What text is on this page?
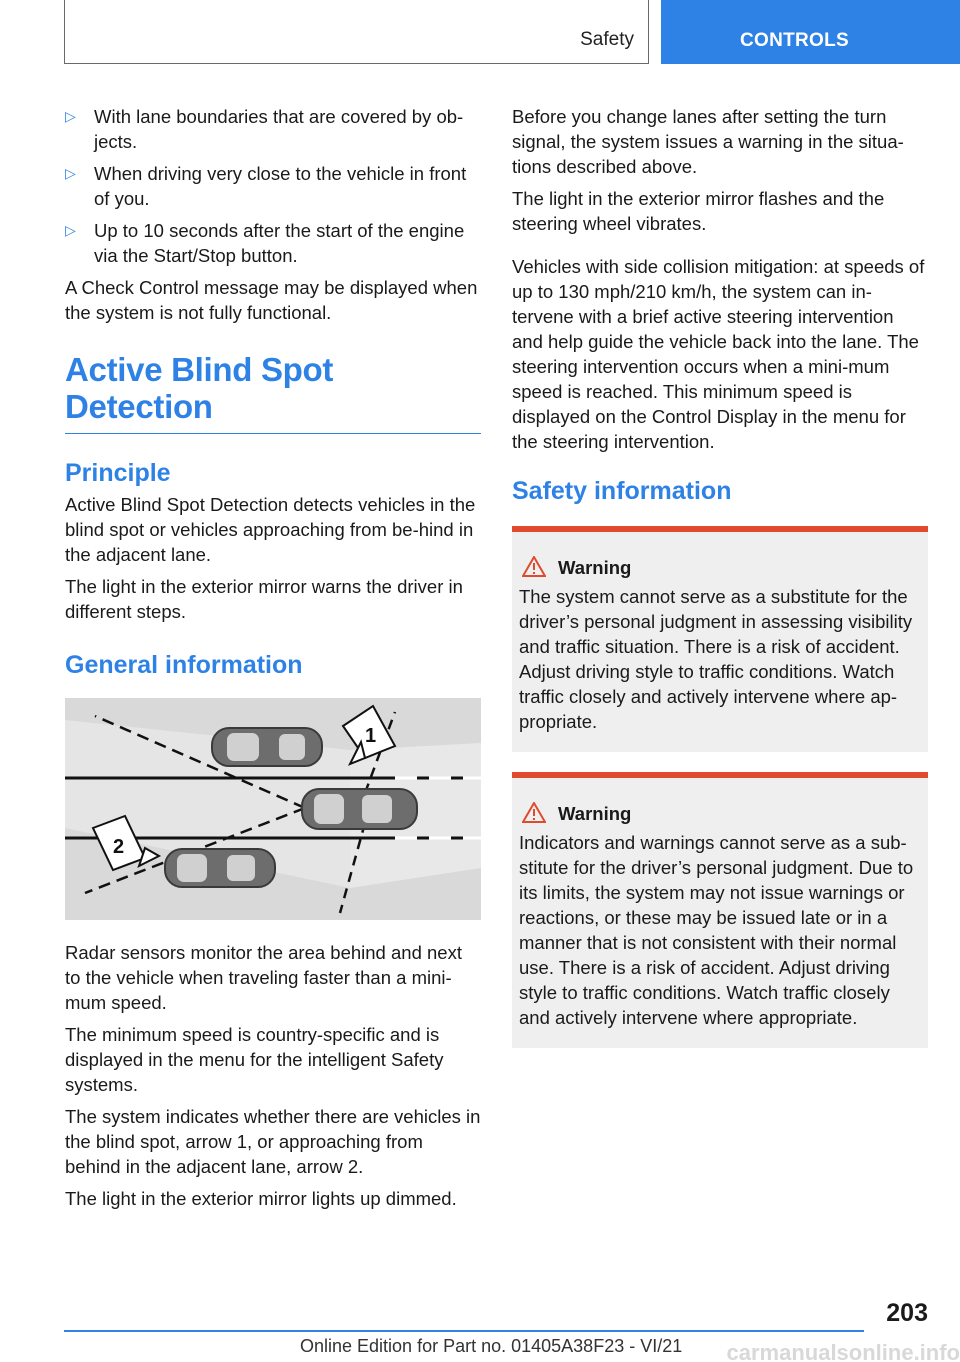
Safety	CONTROLS
▷ With lane boundaries that are covered by ob-jects.
▷ When driving very close to the vehicle in front of you.
▷ Up to 10 seconds after the start of the engine via the Start/Stop button.

A Check Control message may be displayed when the system is not fully functional.

Active Blind Spot Detection
Principle

Active Blind Spot Detection detects vehicles in the blind spot or vehicles approaching from be-hind in the adjacent lane.

The light in the exterior mirror warns the driver in different steps.

General information
1
2

Radar sensors monitor the area behind and next to the vehicle when traveling faster than a mini-mum speed.

The minimum speed is country-specific and is displayed in the menu for the intelligent Safety systems.

The system indicates whether there are vehicles in the blind spot, arrow 1, or approaching from behind in the adjacent lane, arrow 2.

The light in the exterior mirror lights up dimmed.

Before you change lanes after setting the turn signal, the system issues a warning in the situa-tions described above.

The light in the exterior mirror flashes and the steering wheel vibrates.

Vehicles with side collision mitigation: at speeds of up to 130 mph/210 km/h, the system can in-tervene with a brief active steering intervention and help guide the vehicle back into the lane. The steering intervention occurs when a mini-mum speed is reached. This minimum speed is displayed on the Control Display in the menu for the steering intervention.

Safety information
Warning

The system cannot serve as a substitute for the driver’s personal judgment in assessing visibility and traffic situation. There is a risk of accident. Adjust driving style to traffic conditions. Watch traffic closely and actively intervene where ap-propriate.

Warning

Indicators and warnings cannot serve as a sub-stitute for the driver’s personal judgment. Due to its limits, the system may not issue warnings or reactions, or these may be issued late or in a manner that is not consistent with their normal use. There is a risk of accident. Adjust driving style to traffic conditions. Watch traffic closely and actively intervene where appropriate.

203
Online Edition for Part no. 01405A38F23 - VI/21 carmanualsonline.info
